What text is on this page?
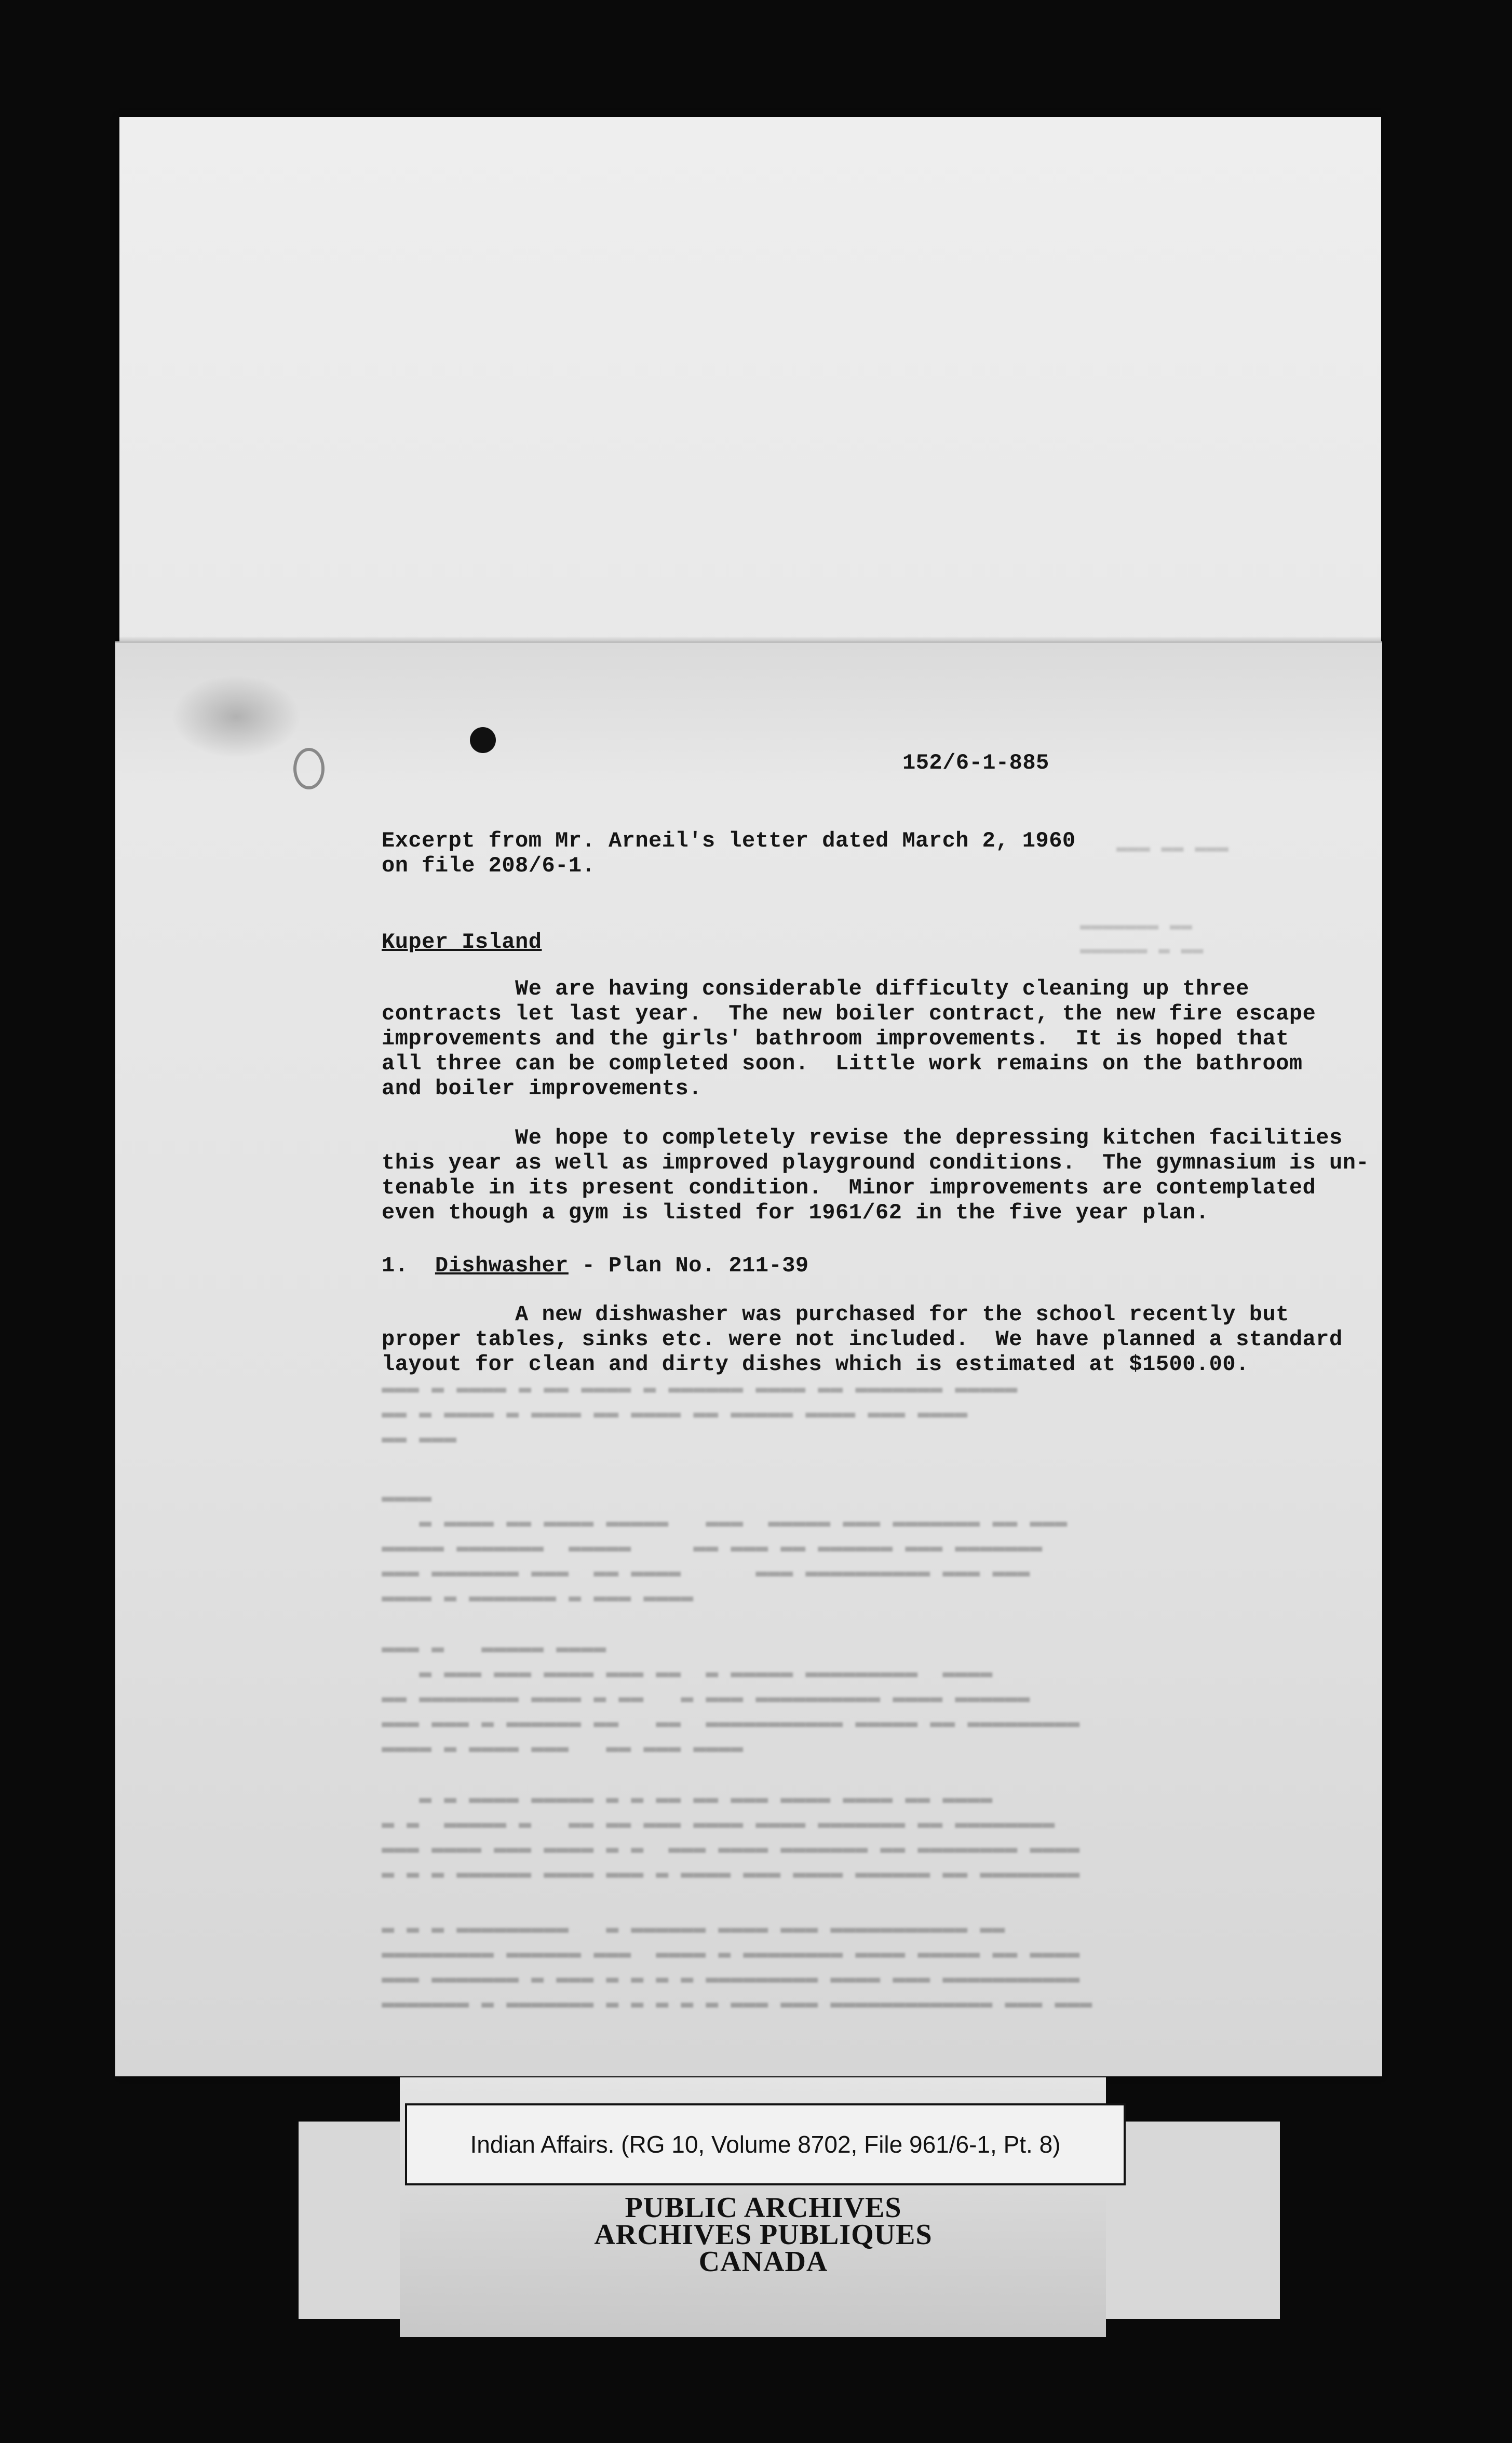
152/6-1-885
Excerpt from Mr. Arneil's letter dated March 2, 1960
on file 208/6-1.
Kuper Island
We are having considerable difficulty cleaning up three
contracts let last year.  The new boiler contract, the new fire escape
improvements and the girls' bathroom improvements.  It is hoped that
all three can be completed soon.  Little work remains on the bathroom
and boiler improvements.
We hope to completely revise the depressing kitchen facilities
this year as well as improved playground conditions.  The gymnasium is un-
tenable in its present condition.  Minor improvements are contemplated
even though a gym is listed for 1961/62 in the five year plan.
1. Dishwasher - Plan No. 211-39
A new dishwasher was purchased for the school recently but
proper tables, sinks etc. were not included.  We have planned a standard
layout for clean and dirty dishes which is estimated at $1500.00.
▬▬▬ ▬▬ ▬▬▬
▬▬▬▬▬▬▬ ▬▬
▬▬▬▬▬▬ ▬ ▬▬
▬▬▬ ▬ ▬▬▬▬ ▬ ▬▬ ▬▬▬▬ ▬ ▬▬▬▬▬▬ ▬▬▬▬ ▬▬ ▬▬▬▬▬▬▬ ▬▬▬▬▬
▬▬ ▬ ▬▬▬▬ ▬ ▬▬▬▬ ▬▬ ▬▬▬▬ ▬▬ ▬▬▬▬▬ ▬▬▬▬ ▬▬▬ ▬▬▬▬
▬▬ ▬▬▬
▬▬▬▬
▬ ▬▬▬▬ ▬▬ ▬▬▬▬ ▬▬▬▬▬   ▬▬▬  ▬▬▬▬▬ ▬▬▬ ▬▬▬▬▬▬▬ ▬▬ ▬▬▬
▬▬▬▬▬ ▬▬▬▬▬▬▬  ▬▬▬▬▬     ▬▬ ▬▬▬ ▬▬ ▬▬▬▬▬▬ ▬▬▬ ▬▬▬▬▬▬▬
▬▬▬ ▬▬▬▬▬▬▬ ▬▬▬  ▬▬ ▬▬▬▬      ▬▬▬ ▬▬▬▬▬▬▬▬▬▬ ▬▬▬ ▬▬▬
▬▬▬▬ ▬ ▬▬▬▬▬▬▬ ▬ ▬▬▬ ▬▬▬▬
▬▬▬ ▬   ▬▬▬▬▬ ▬▬▬▬
▬ ▬▬▬ ▬▬▬ ▬▬▬▬ ▬▬▬ ▬▬  ▬ ▬▬▬▬▬ ▬▬▬▬▬▬▬▬▬  ▬▬▬▬
▬▬ ▬▬▬▬▬▬▬▬ ▬▬▬▬ ▬ ▬▬   ▬ ▬▬▬ ▬▬▬▬▬▬▬▬▬▬ ▬▬▬▬ ▬▬▬▬▬▬
▬▬▬ ▬▬▬ ▬ ▬▬▬▬▬▬ ▬▬   ▬▬  ▬▬▬▬▬▬▬▬▬▬▬ ▬▬▬▬▬ ▬▬ ▬▬▬▬▬▬▬▬▬
▬▬▬▬ ▬ ▬▬▬▬ ▬▬▬   ▬▬ ▬▬▬ ▬▬▬▬
▬ ▬ ▬▬▬▬ ▬▬▬▬▬ ▬ ▬ ▬▬ ▬▬ ▬▬▬ ▬▬▬▬ ▬▬▬▬ ▬▬ ▬▬▬▬
▬ ▬  ▬▬▬▬▬ ▬   ▬▬ ▬▬ ▬▬▬ ▬▬▬▬ ▬▬▬▬ ▬▬▬▬▬▬▬ ▬▬ ▬▬▬▬▬▬▬▬
▬▬▬ ▬▬▬▬ ▬▬▬ ▬▬▬▬ ▬ ▬  ▬▬▬ ▬▬▬▬ ▬▬▬▬▬▬▬ ▬▬ ▬▬▬▬▬▬▬▬ ▬▬▬▬
▬ ▬ ▬ ▬▬▬▬▬▬ ▬▬▬▬ ▬▬▬ ▬ ▬▬▬▬ ▬▬▬ ▬▬▬▬ ▬▬▬▬▬▬ ▬▬ ▬▬▬▬▬▬▬▬
▬ ▬ ▬ ▬▬▬▬▬▬▬▬▬   ▬ ▬▬▬▬▬▬ ▬▬▬▬ ▬▬▬ ▬▬▬▬▬▬▬▬▬▬▬ ▬▬
▬▬▬▬▬▬▬▬▬ ▬▬▬▬▬▬ ▬▬▬  ▬▬▬▬ ▬ ▬▬▬▬▬▬▬▬ ▬▬▬▬ ▬▬▬▬▬ ▬▬ ▬▬▬▬
▬▬▬ ▬▬▬▬▬▬▬ ▬ ▬▬▬ ▬ ▬ ▬ ▬ ▬▬▬▬▬▬▬▬▬ ▬▬▬▬ ▬▬▬ ▬▬▬▬▬▬▬▬▬▬▬
▬▬▬▬▬▬▬ ▬ ▬▬▬▬▬▬▬ ▬ ▬ ▬ ▬ ▬ ▬▬▬ ▬▬▬ ▬▬▬▬▬▬▬▬▬▬▬▬▬ ▬▬▬ ▬▬▬
Indian Affairs. (RG 10, Volume 8702, File 961/6-1, Pt. 8)
PUBLIC ARCHIVES
ARCHIVES PUBLIQUES
CANADA
